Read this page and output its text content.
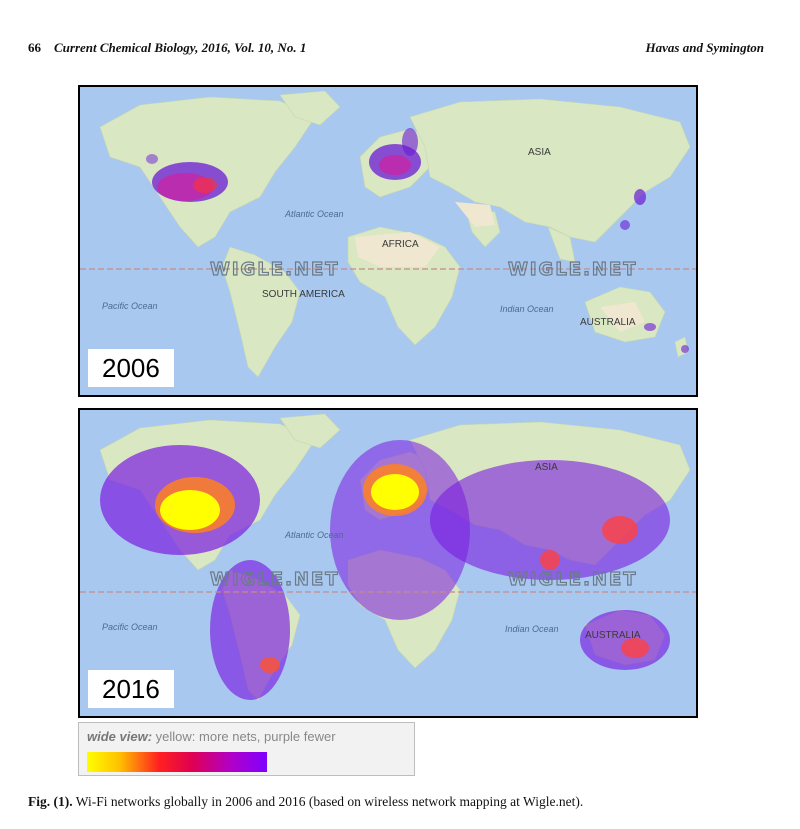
66 Current Chemical Biology, 2016, Vol. 10, No. 1	Havas and Symington
WIGLE.NET	WIGLE.NET
ASIA
AFRICA
SOUTH AMERICA
AUSTRALIA
Atlantic Ocean
Pacific Ocean	Indian Ocean
2006
WIGLE.NET	WIGLE.NET
ASIA
AUSTRALIA
Atlantic Ocean
Pacific Ocean	Indian Ocean
2016
wide view: yellow: more nets, purple fewer
Fig. (1). Wi-Fi networks globally in 2006 and 2016 (based on wireless network mapping at Wigle.net).
